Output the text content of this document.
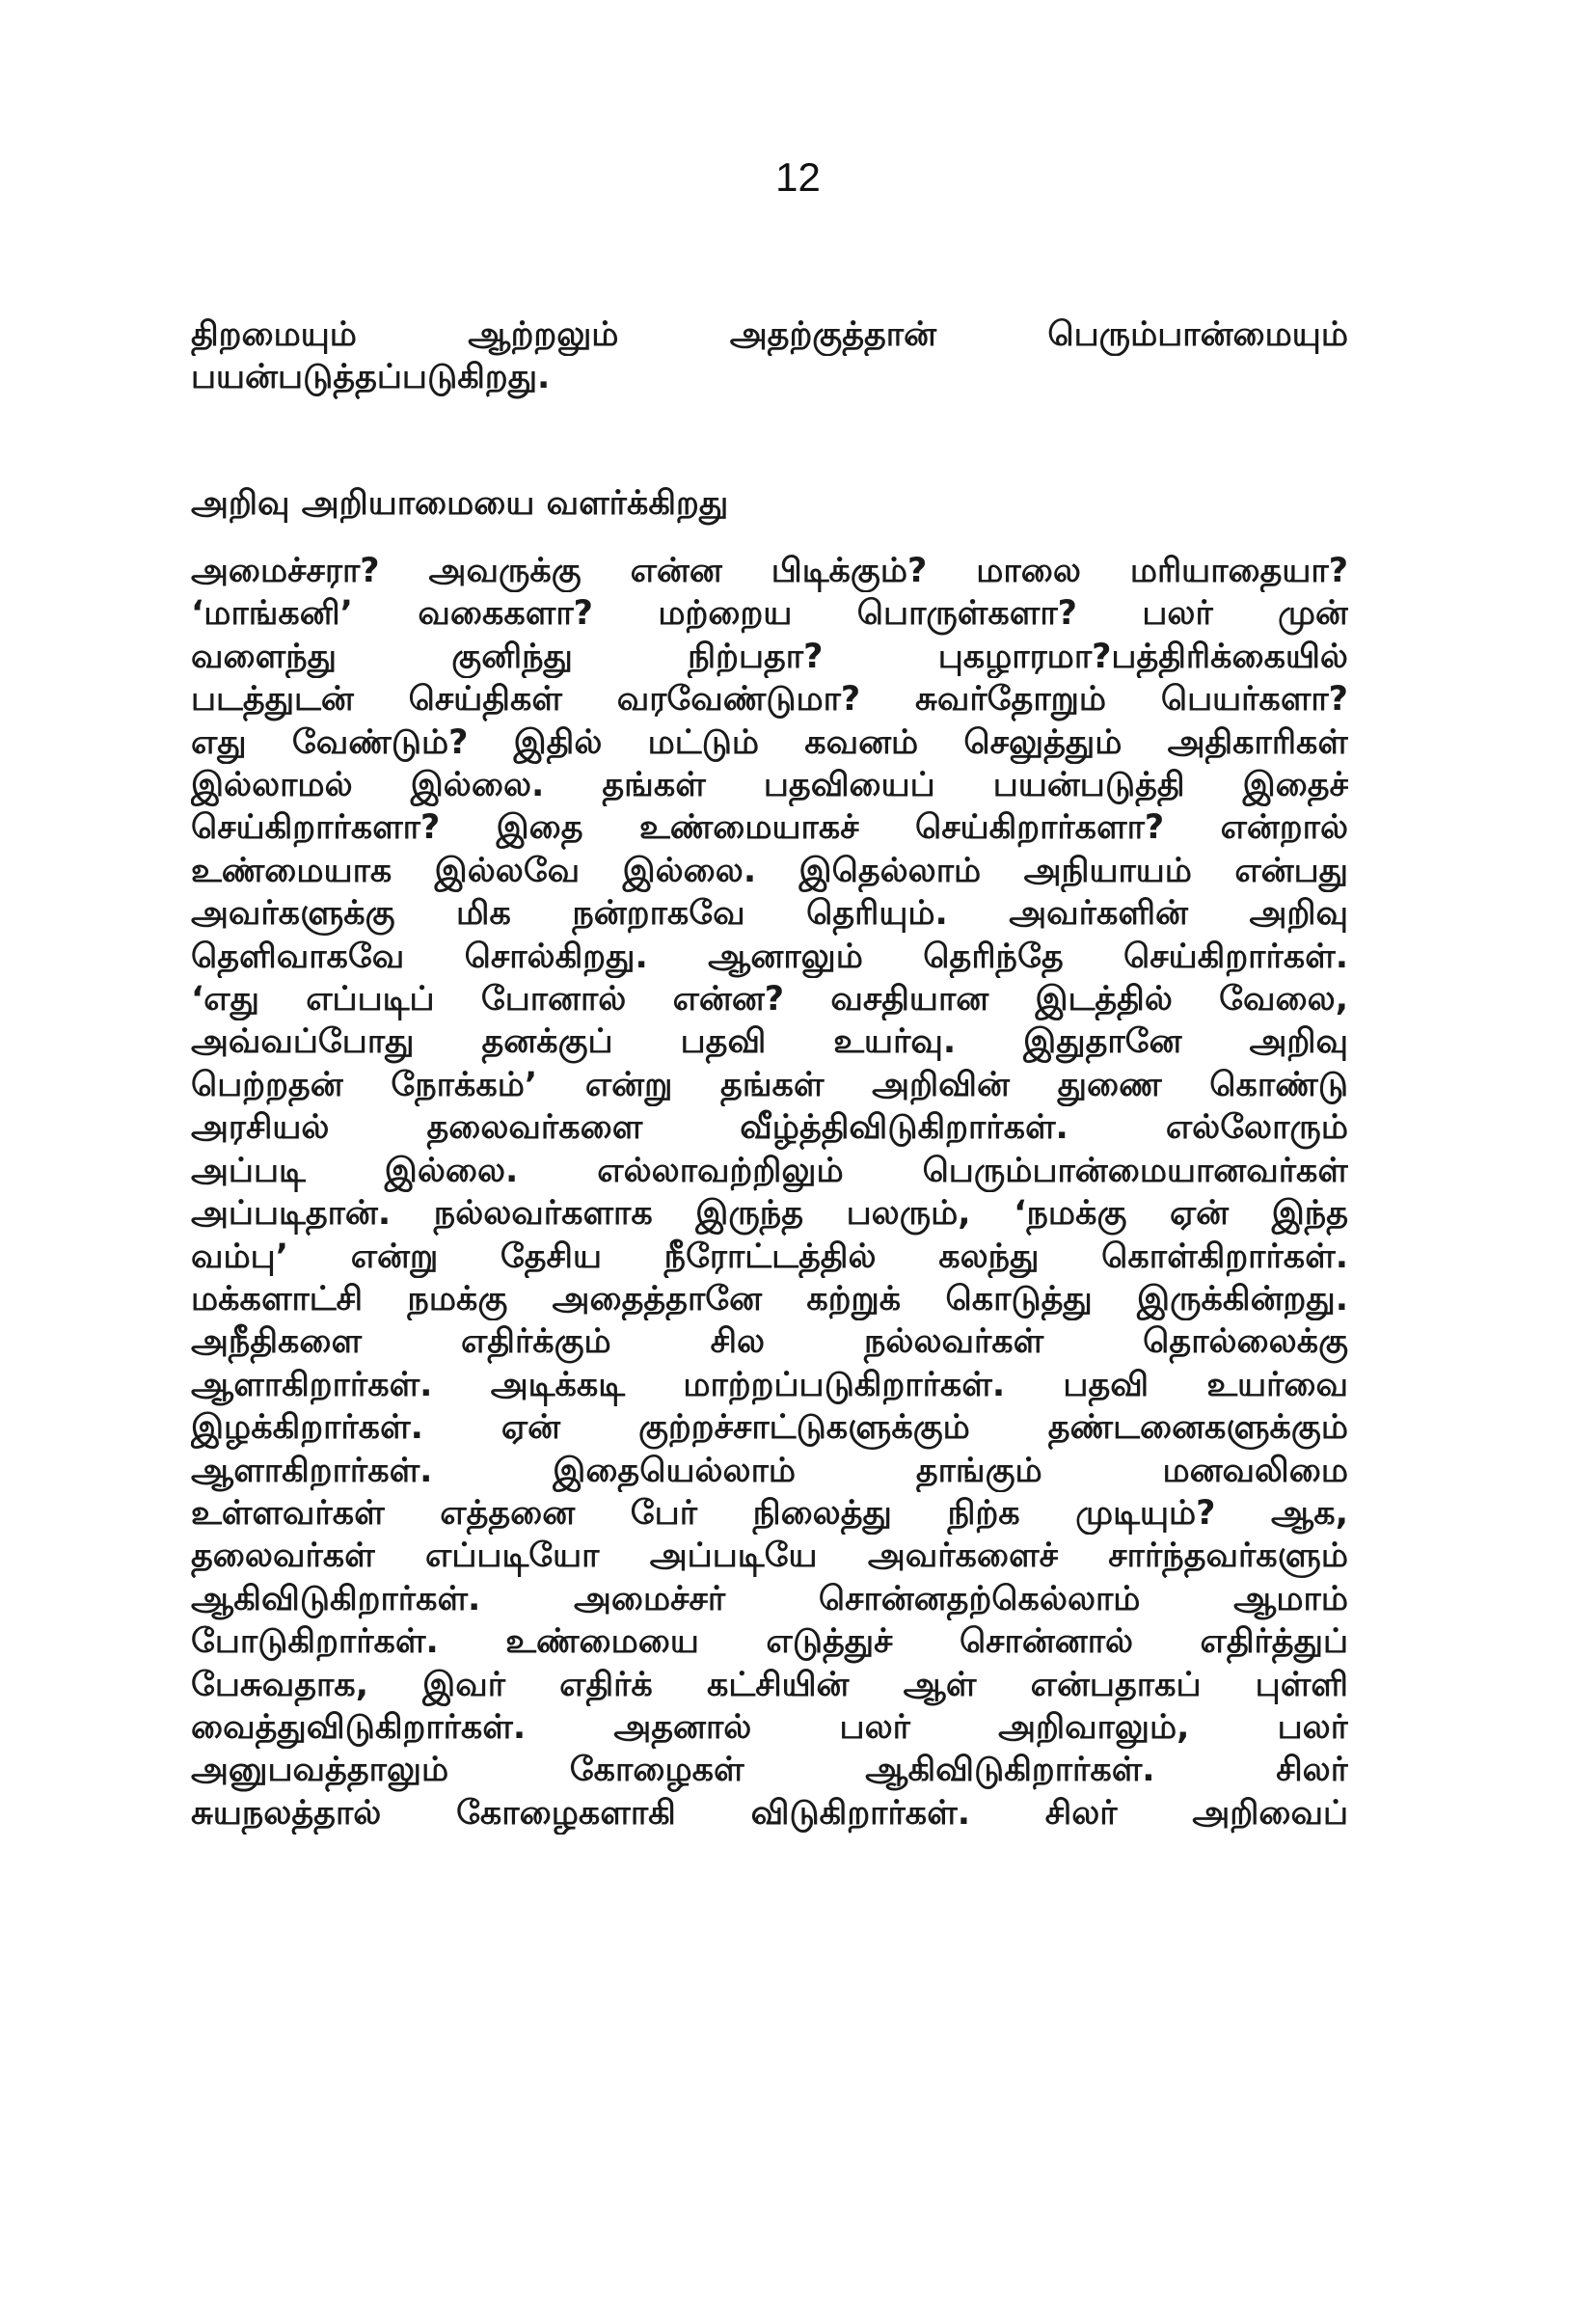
12
திறமையும் ஆற்றலும் அதற்குத்தான் பெரும்பான்மையும்
பயன்படுத்தப்படுகிறது.
அறிவு அறியாமையை வளர்க்கிறது
அமைச்சரா? அவருக்கு என்ன பிடிக்கும்? மாலை மரியாதையா?
‘மாங்கனி’ வகைகளா? மற்றைய பொருள்களா? பலர் முன்
வளைந்து குனிந்து நிற்பதா? புகழாரமா?பத்திரிக்கையில்
படத்துடன் செய்திகள் வரவேண்டுமா? சுவர்தோறும் பெயர்களா?
எது வேண்டும்? இதில் மட்டும் கவனம் செலுத்தும் அதிகாரிகள்
இல்லாமல் இல்லை. தங்கள் பதவியைப் பயன்படுத்தி இதைச்
செய்கிறார்களா? இதை உண்மையாகச் செய்கிறார்களா? என்றால்
உண்மையாக இல்லவே இல்லை. இதெல்லாம் அநியாயம் என்பது
அவர்களுக்கு மிக நன்றாகவே தெரியும். அவர்களின் அறிவு
தெளிவாகவே சொல்கிறது. ஆனாலும் தெரிந்தே செய்கிறார்கள்.
‘எது எப்படிப் போனால் என்ன? வசதியான இடத்தில் வேலை,
அவ்வப்போது தனக்குப் பதவி உயர்வு. இதுதானே அறிவு
பெற்றதன் நோக்கம்’ என்று தங்கள் அறிவின் துணை கொண்டு
அரசியல் தலைவர்களை வீழ்த்திவிடுகிறார்கள். எல்லோரும்
அப்படி இல்லை. எல்லாவற்றிலும் பெரும்பான்மையானவர்கள்
அப்படிதான். நல்லவர்களாக இருந்த பலரும், ‘நமக்கு ஏன் இந்த
வம்பு’ என்று தேசிய நீரோட்டத்தில் கலந்து கொள்கிறார்கள்.
மக்களாட்சி நமக்கு அதைத்தானே கற்றுக் கொடுத்து இருக்கின்றது.
அநீதிகளை எதிர்க்கும் சில நல்லவர்கள் தொல்லைக்கு
ஆளாகிறார்கள். அடிக்கடி மாற்றப்படுகிறார்கள். பதவி உயர்வை
இழக்கிறார்கள். ஏன் குற்றச்சாட்டுகளுக்கும் தண்டனைகளுக்கும்
ஆளாகிறார்கள். இதையெல்லாம் தாங்கும் மனவலிமை
உள்ளவர்கள் எத்தனை பேர் நிலைத்து நிற்க முடியும்? ஆக,
தலைவர்கள் எப்படியோ அப்படியே அவர்களைச் சார்ந்தவர்களும்
ஆகிவிடுகிறார்கள். அமைச்சர் சொன்னதற்கெல்லாம் ஆமாம்
போடுகிறார்கள். உண்மையை எடுத்துச் சொன்னால் எதிர்த்துப்
பேசுவதாக, இவர் எதிர்க் கட்சியின் ஆள் என்பதாகப் புள்ளி
வைத்துவிடுகிறார்கள். அதனால் பலர் அறிவாலும், பலர்
அனுபவத்தாலும் கோழைகள் ஆகிவிடுகிறார்கள். சிலர்
சுயநலத்தால் கோழைகளாகி விடுகிறார்கள். சிலர் அறிவைப்
